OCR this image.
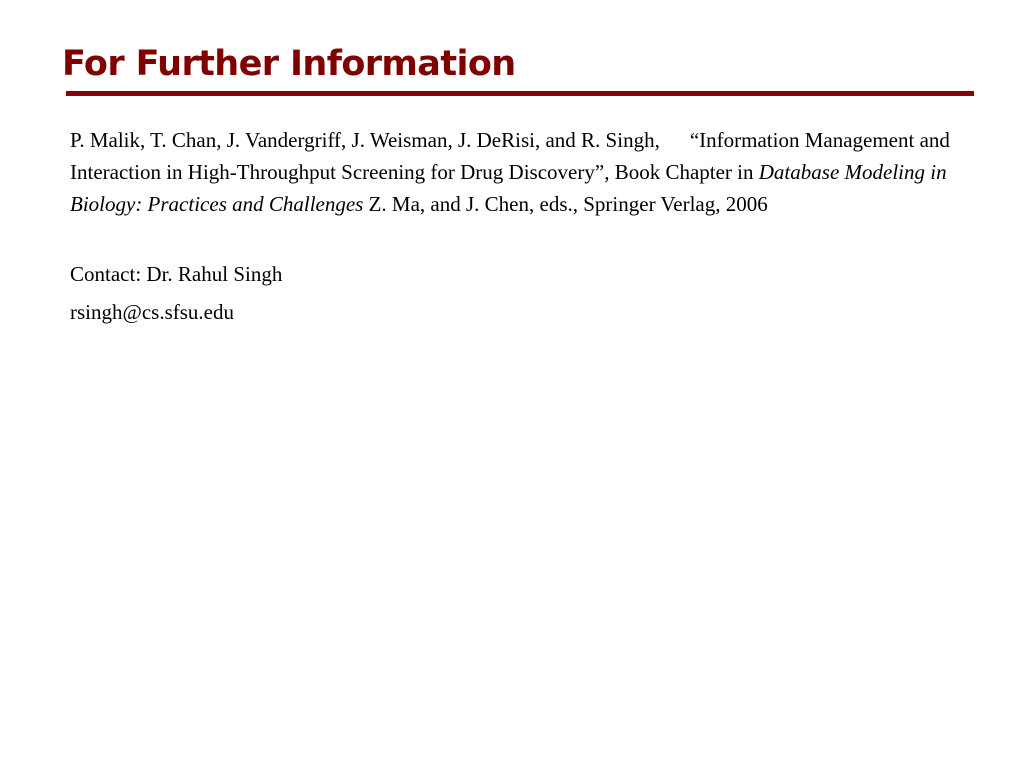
For Further Information

P. Malik, T. Chan, J. Vandergriff, J. Weisman, J. DeRisi, and R. Singh, “Information Management and Interaction in High-Throughput Screening for Drug Discovery”, Book Chapter in Database Modeling in Biology: Practices and Challenges Z. Ma, and J. Chen, eds., Springer Verlag, 2006

Contact: Dr. Rahul Singh

rsingh@cs.sfsu.edu
